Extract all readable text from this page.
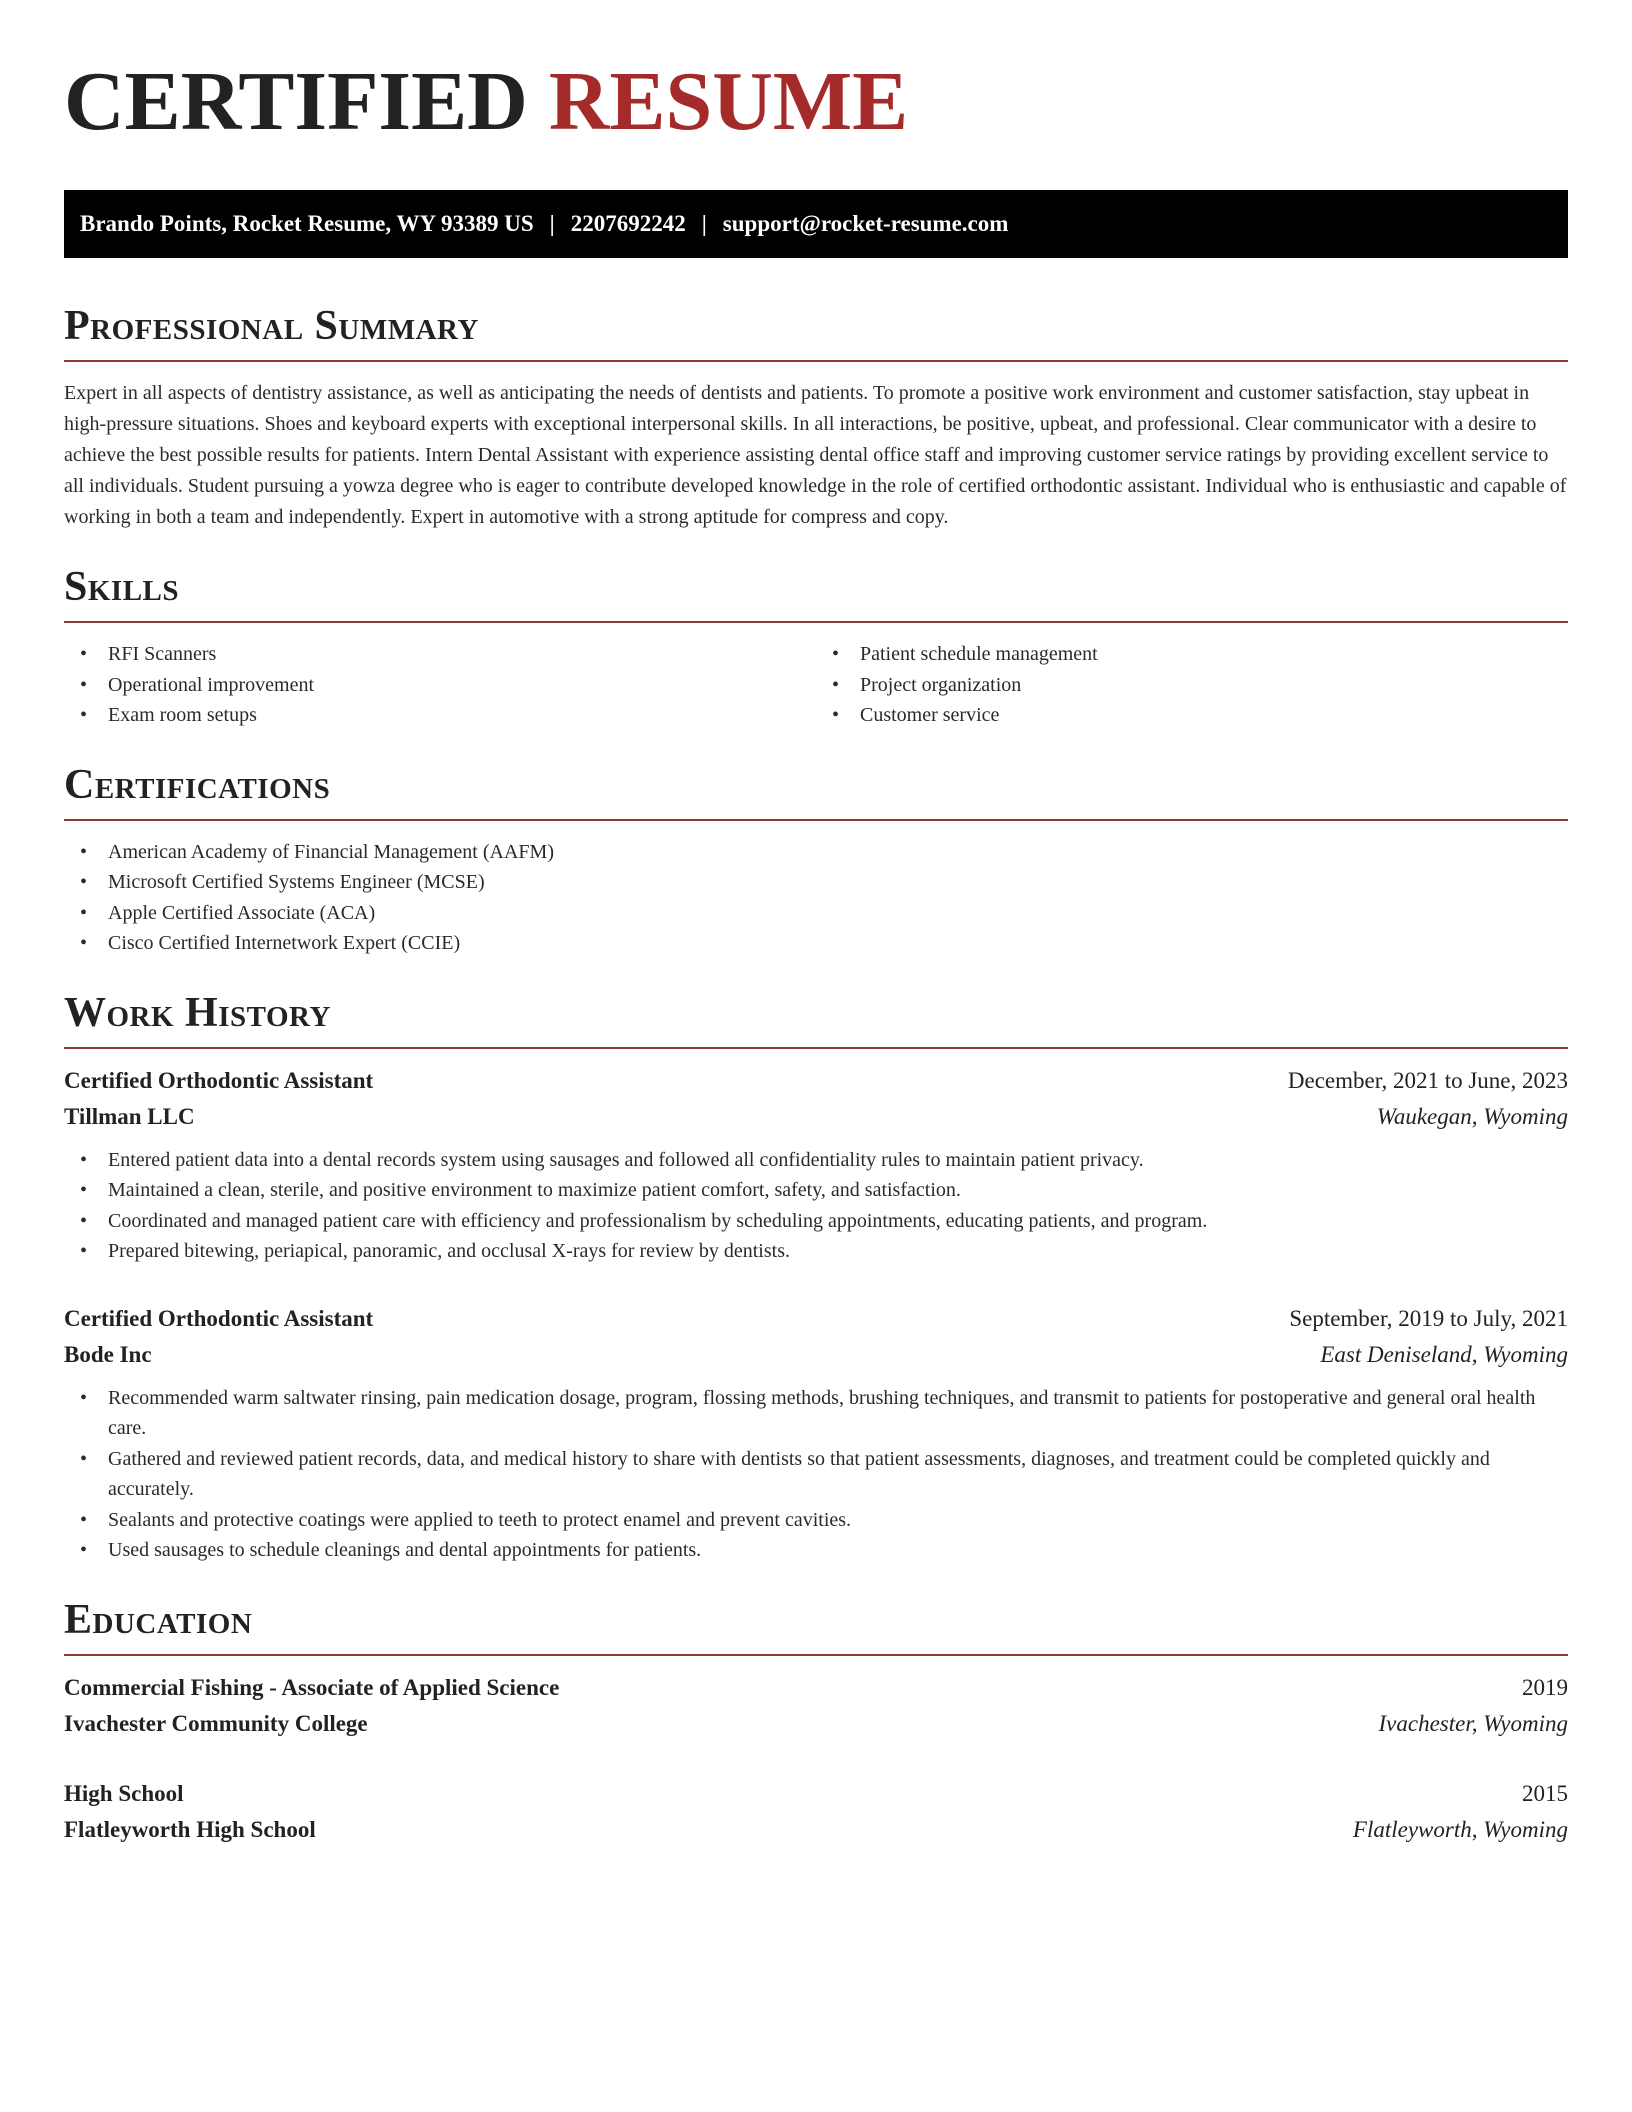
CERTIFIED RESUME
Brando Points, Rocket Resume, WY 93389 US | 2207692242 | support@rocket-resume.com
Professional Summary

Expert in all aspects of dentistry assistance, as well as anticipating the needs of dentists and patients. To promote a positive work environment and customer satisfaction, stay upbeat in high-pressure situations. Shoes and keyboard experts with exceptional interpersonal skills. In all interactions, be positive, upbeat, and professional. Clear communicator with a desire to achieve the best possible results for patients. Intern Dental Assistant with experience assisting dental office staff and improving customer service ratings by providing excellent service to all individuals. Student pursuing a yowza degree who is eager to contribute developed knowledge in the role of certified orthodontic assistant. Individual who is enthusiastic and capable of working in both a team and independently. Expert in automotive with a strong aptitude for compress and copy.

Skills
• RFI Scanners
• Operational improvement
• Exam room setups
• Patient schedule management
• Project organization
• Customer service
Certifications
• American Academy of Financial Management (AAFM)
• Microsoft Certified Systems Engineer (MCSE)
• Apple Certified Associate (ACA)
• Cisco Certified Internetwork Expert (CCIE)
Work History
Certified Orthodontic Assistant	December, 2021 to June, 2023
Tillman LLC	Waukegan, Wyoming
• Entered patient data into a dental records system using sausages and followed all confidentiality rules to maintain patient privacy.
• Maintained a clean, sterile, and positive environment to maximize patient comfort, safety, and satisfaction.
• Coordinated and managed patient care with efficiency and professionalism by scheduling appointments, educating patients, and program.
• Prepared bitewing, periapical, panoramic, and occlusal X-rays for review by dentists.
Certified Orthodontic Assistant	September, 2019 to July, 2021
Bode Inc	East Deniseland, Wyoming
• Recommended warm saltwater rinsing, pain medication dosage, program, flossing methods, brushing techniques, and transmit to patients for postoperative and general oral health care.
• Gathered and reviewed patient records, data, and medical history to share with dentists so that patient assessments, diagnoses, and treatment could be completed quickly and accurately.
• Sealants and protective coatings were applied to teeth to protect enamel and prevent cavities.
• Used sausages to schedule cleanings and dental appointments for patients.
Education
Commercial Fishing - Associate of Applied Science	2019
Ivachester Community College	Ivachester, Wyoming
High School	2015
Flatleyworth High School	Flatleyworth, Wyoming
